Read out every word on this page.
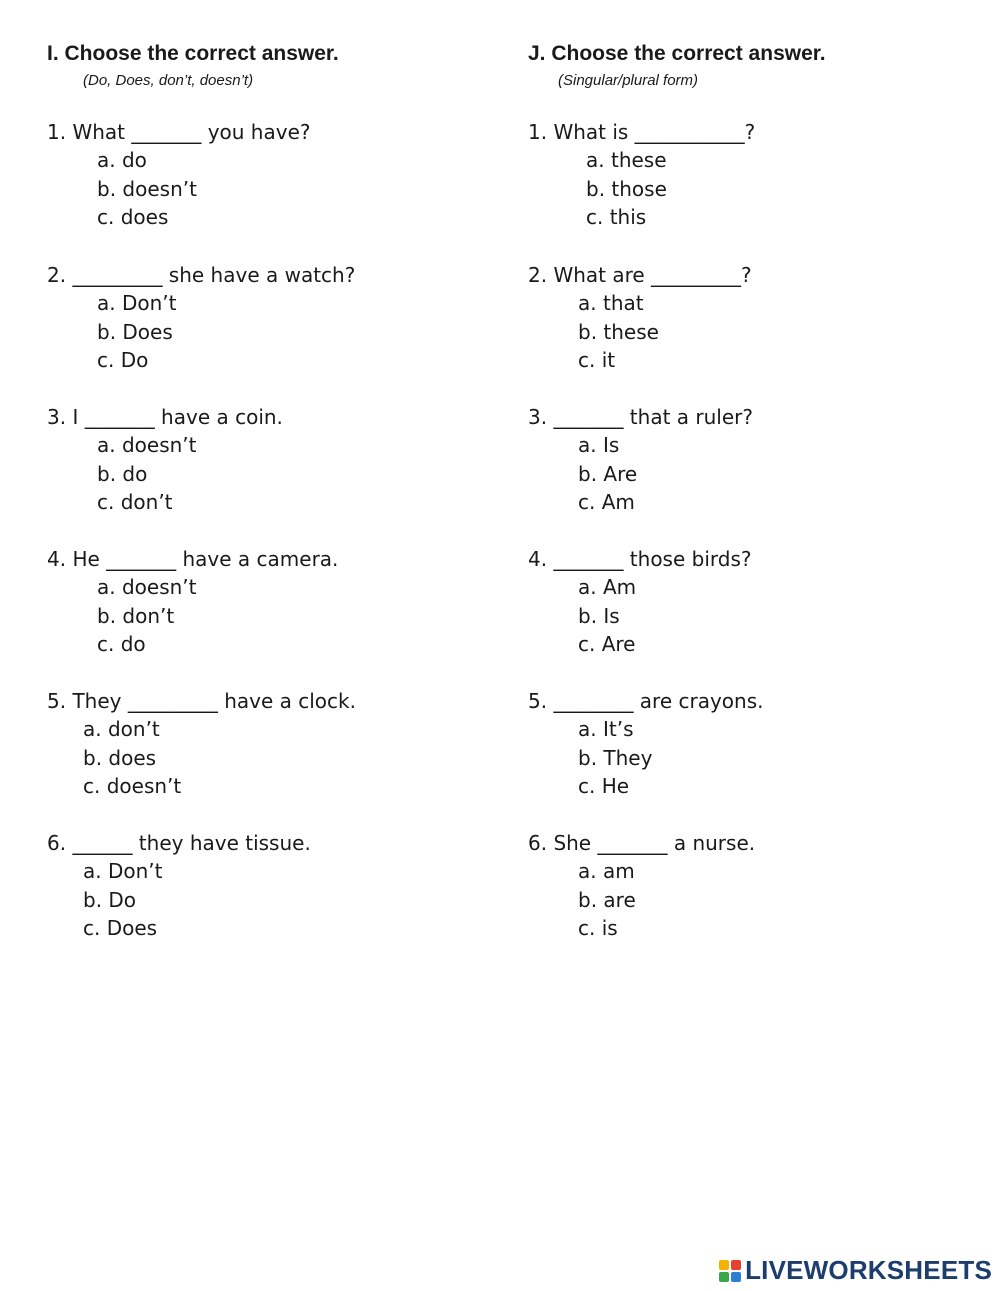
I. Choose the correct answer.
(Do, Does, don’t, doesn’t)
1. What _______ you have?
a. do
b. doesn’t
c. does
2. _________ she have a watch?
a. Don’t
b. Does
c. Do
3. I _______ have a coin.
a. doesn’t
b. do
c. don’t
4. He _______ have a camera.
a. doesn’t
b. don’t
c. do
5. They _________ have a clock.
a. don’t
b. does
c. doesn’t
6. ______ they have tissue.
a. Don’t
b. Do
c. Does
J. Choose the correct answer.
(Singular/plural form)
1. What is ___________?
a. these
b. those
c. this
2. What are _________?
a. that
b. these
c. it
3. _______ that a ruler?
a. Is
b. Are
c. Am
4. _______ those birds?
a. Am
b. Is
c. Are
5. ________ are crayons.
a. It’s
b. They
c. He
6. She _______ a nurse.
a. am
b. are
c. is
LIVEWORKSHEETS
